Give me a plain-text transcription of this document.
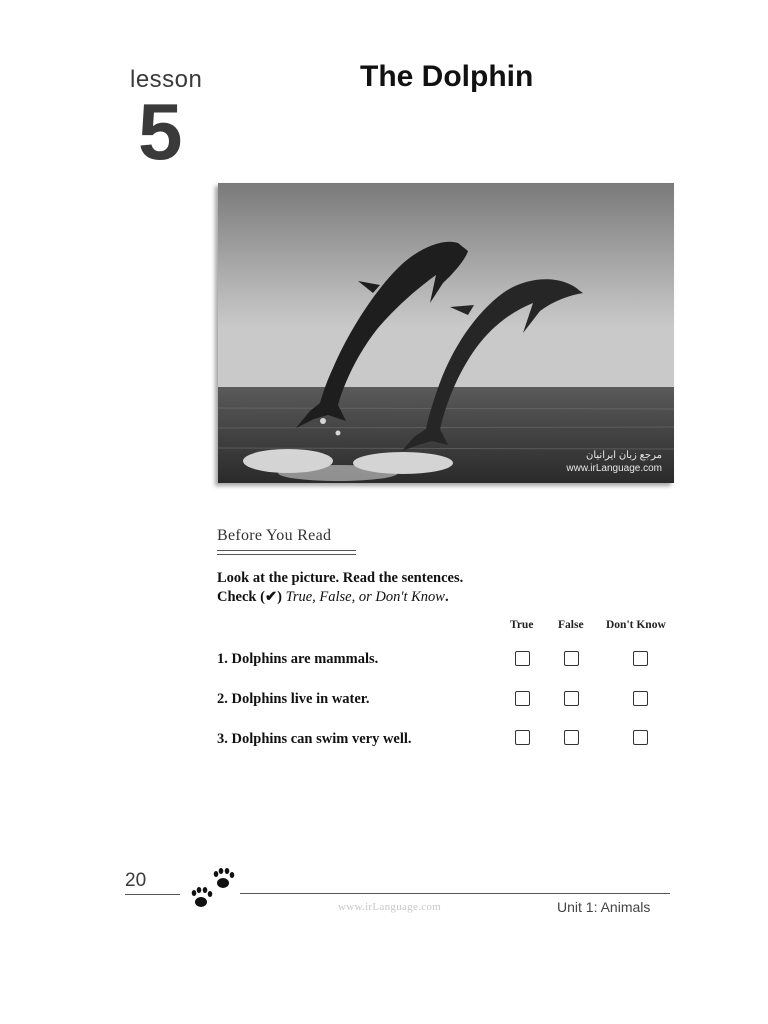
lesson
5
The Dolphin
مرجع زبان ایرانیان
www.irLanguage.com
Before You Read
Look at the picture. Read the sentences.
Check (✔) True, False, or Don't Know.
True False Don't Know
1. Dolphins are mammals.
2. Dolphins live in water.
3. Dolphins can swim very well.
20
www.irLanguage.com	Unit 1: Animals
